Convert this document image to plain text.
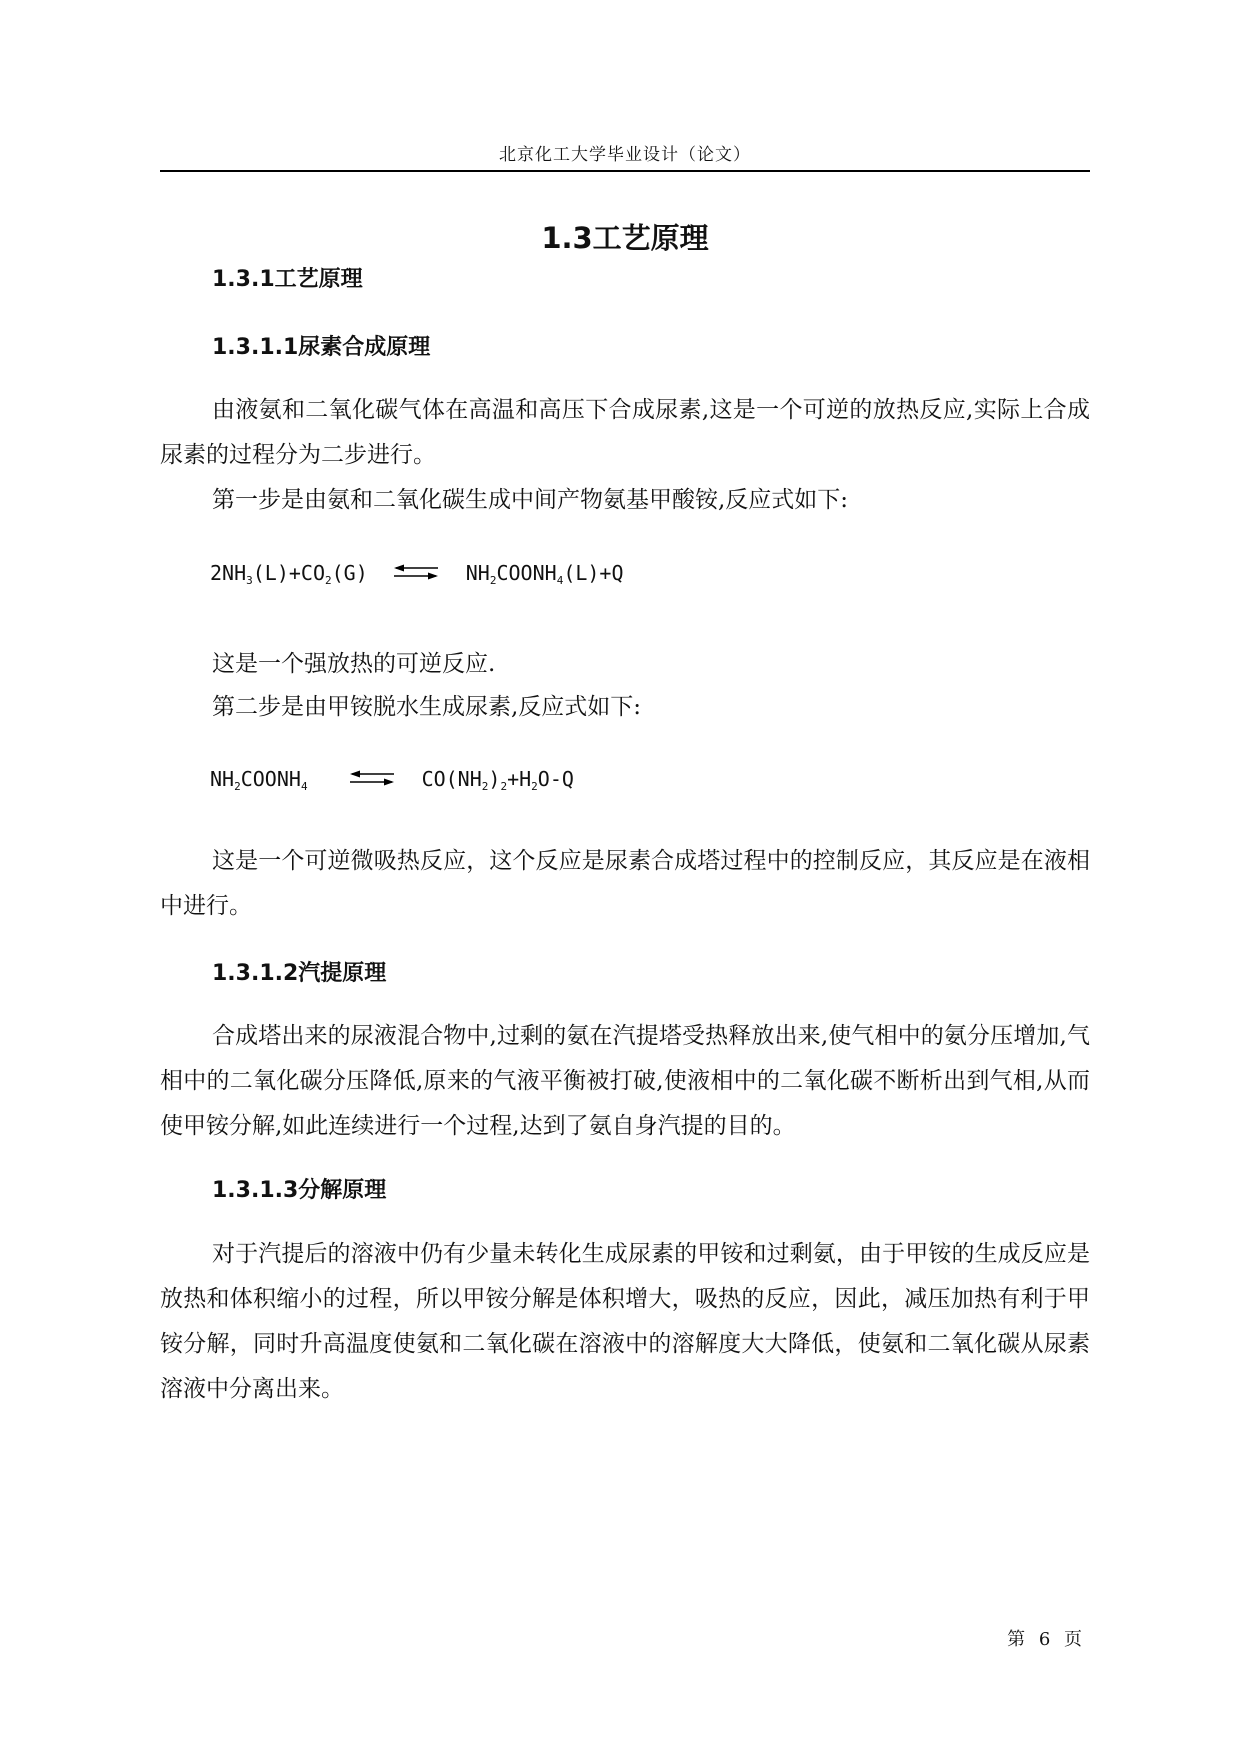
北京化工大学毕业设计（论文）
1.3工艺原理
1.3.1工艺原理
1.3.1.1尿素合成原理

由液氨和二氧化碳气体在高温和高压下合成尿素,这是一个可逆的放热反应,实际上合成尿素的过程分为二步进行。

第一步是由氨和二氧化碳生成中间产物氨基甲酸铵,反应式如下:
$2NH_3(L)+CO_2(G)$ ⇌ $NH_2COONH_4(L)+Q$
这是一个强放热的可逆反应.
第二步是由甲铵脱水生成尿素,反应式如下:
$NH_2COONH_4$ ⇌ $CO(NH_2)_2+H_2O-Q$

这是一个可逆微吸热反应，这个反应是尿素合成塔过程中的控制反应，其反应是在液相中进行。

1.3.1.2汽提原理

合成塔出来的尿液混合物中,过剩的氨在汽提塔受热释放出来,使气相中的氨分压增加,气相中的二氧化碳分压降低,原来的气液平衡被打破,使液相中的二氧化碳不断析出到气相,从而使甲铵分解,如此连续进行一个过程,达到了氨自身汽提的目的。

1.3.1.3分解原理

对于汽提后的溶液中仍有少量未转化生成尿素的甲铵和过剩氨，由于甲铵的生成反应是放热和体积缩小的过程，所以甲铵分解是体积增大，吸热的反应，因此，减压加热有利于甲铵分解，同时升高温度使氨和二氧化碳在溶液中的溶解度大大降低，使氨和二氧化碳从尿素溶液中分离出来。

第 6 页
